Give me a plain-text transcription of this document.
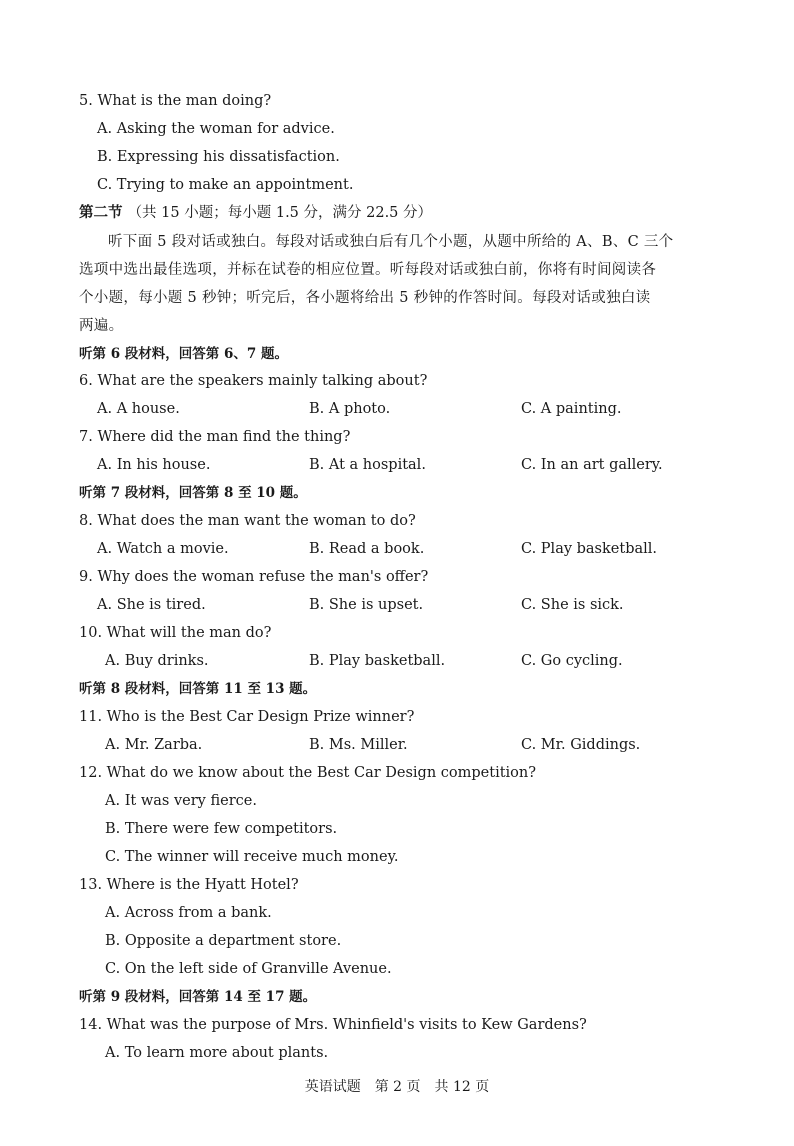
5. What is the man doing?
A. Asking the woman for advice.
B. Expressing his dissatisfaction.
C. Trying to make an appointment.
第二节 （共 15 小题；每小题 1.5 分，满分 22.5 分）
听下面 5 段对话或独白。每段对话或独白后有几个小题，从题中所给的 A、B、C 三个
选项中选出最佳选项，并标在试卷的相应位置。听每段对话或独白前，你将有时间阅读各
个小题，每小题 5 秒钟；听完后，各小题将给出 5 秒钟的作答时间。每段对话或独白读
两遍。
听第 6 段材料，回答第 6、7 题。
6. What are the speakers mainly talking about?
A. A house.	B. A photo.	C. A painting.
7. Where did the man find the thing?
A. In his house.	B. At a hospital.	C. In an art gallery.
听第 7 段材料，回答第 8 至 10 题。
8. What does the man want the woman to do?
A. Watch a movie.	B. Read a book.	C. Play basketball.
9. Why does the woman refuse the man's offer?
A. She is tired.	B. She is upset.	C. She is sick.
10. What will the man do?
A. Buy drinks.	B. Play basketball.	C. Go cycling.
听第 8 段材料，回答第 11 至 13 题。
11. Who is the Best Car Design Prize winner?
A. Mr. Zarba.	B. Ms. Miller.	C. Mr. Giddings.
12. What do we know about the Best Car Design competition?
A. It was very fierce.
B. There were few competitors.
C. The winner will receive much money.
13. Where is the Hyatt Hotel?
A. Across from a bank.
B. Opposite a department store.
C. On the left side of Granville Avenue.
听第 9 段材料，回答第 14 至 17 题。
14. What was the purpose of Mrs. Whinfield's visits to Kew Gardens?
A. To learn more about plants.
英语试题　第 2 页　共 12 页
